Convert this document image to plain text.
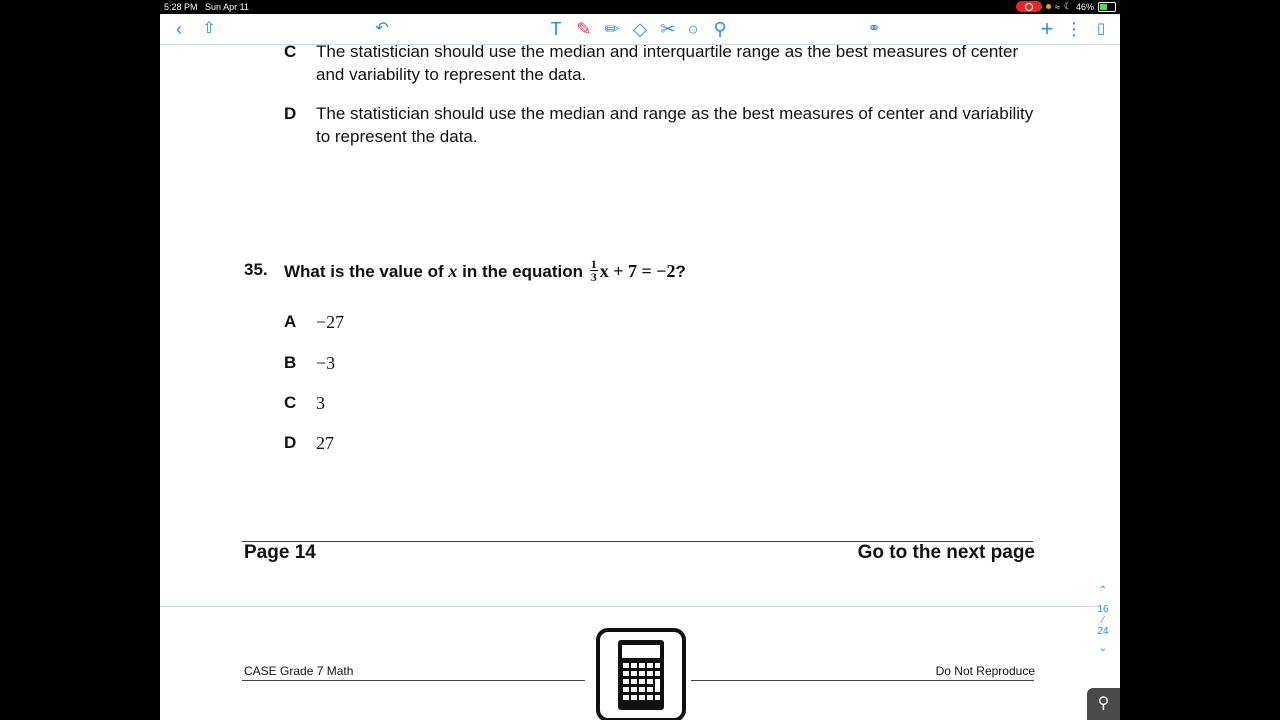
5:28 PM Sun Apr 11	≈ ☾ 46%
‹	⇧	↶	T ✎ ✏ ◇ ✂ ○ ⚲	⚭	+ ⋮ ▯
C The statistician should use the median and interquartile range as the best measures of center and variability to represent the data.
D The statistician should use the median and range as the best measures of center and variability to represent the data.
35. What is the value of x in the equation $\frac{1}{3}$ x + 7 = −2?
A −27
B −3
C 3
D 27
Page 14	Go to the next page
CASE Grade 7 Math	Do Not Reproduce
⌃
16
⁄
24
⌄
⚲
